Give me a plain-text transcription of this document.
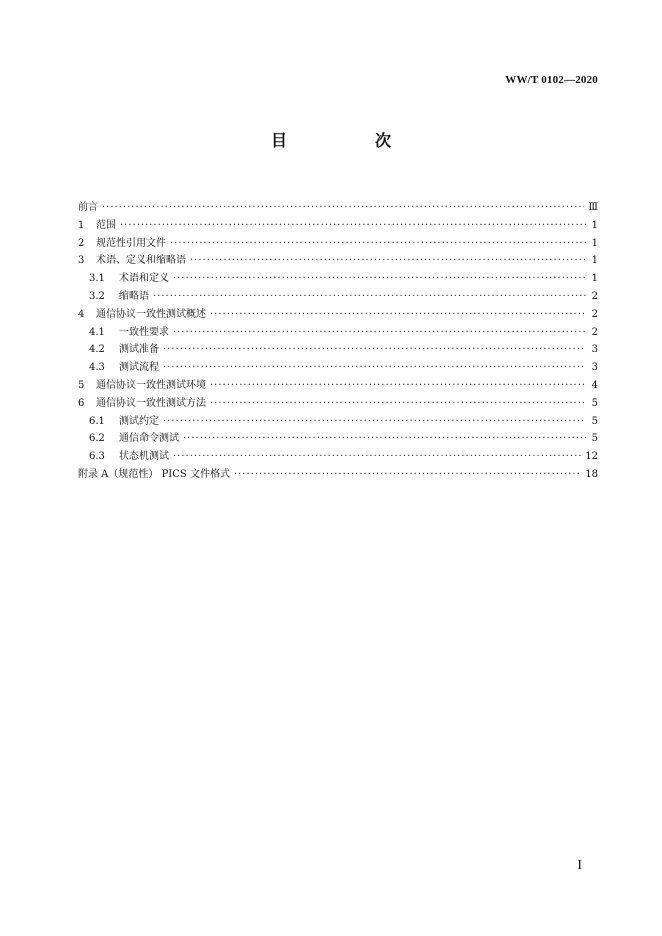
WW/T 0102—2020
目　次
前言 ·····	Ⅲ
1	范围 ·····	1
2	规范性引用文件 ·····	1
3	术语、定义和缩略语 ·····	1
3.1	术语和定义 ·····	1
3.2	缩略语 ·····	2
4	通信协议一致性测试概述 ·····	2
4.1	一致性要求 ·····	2
4.2	测试准备 ·····	3
4.3	测试流程 ·····	3
5	通信协议一致性测试环境 ·····	4
6	通信协议一致性测试方法 ·····	5
6.1	测试约定 ·····	5
6.2	通信命令测试 ·····	5
6.3	状态机测试 ·····	12
附录 A（规范性） PICS 文件格式 ·····	18
I
